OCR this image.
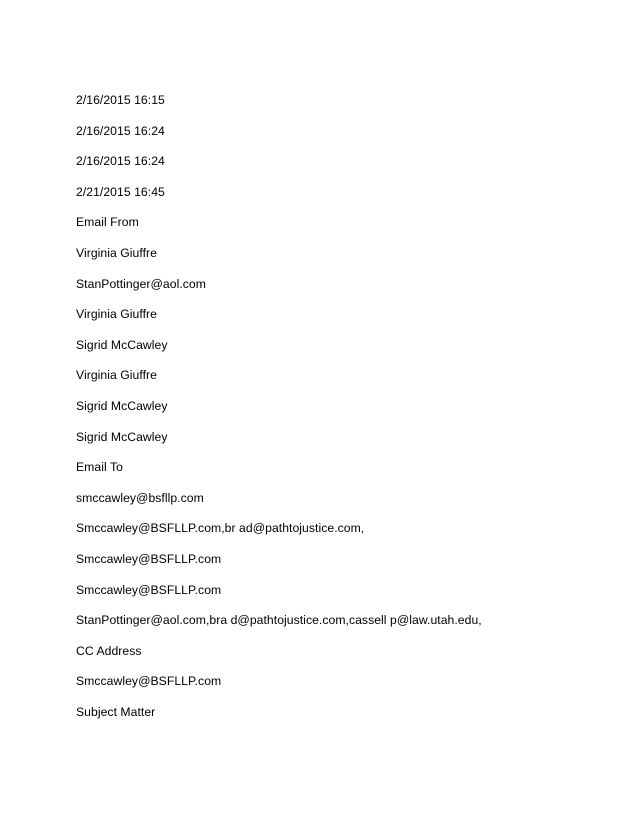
2/16/2015 16:15
2/16/2015 16:24
2/16/2015 16:24
2/21/2015 16:45
Email From
Virginia Giuffre
StanPottinger@aol.com
Virginia Giuffre
Sigrid McCawley
Virginia Giuffre
Sigrid McCawley
Sigrid McCawley
Email To
smccawley@bsfllp.com
Smccawley@BSFLLP.com,br ad@pathtojustice.com,
Smccawley@BSFLLP.com
Smccawley@BSFLLP.com
StanPottinger@aol.com,bra d@pathtojustice.com,cassell p@law.utah.edu,
CC Address
Smccawley@BSFLLP.com
Subject Matter
